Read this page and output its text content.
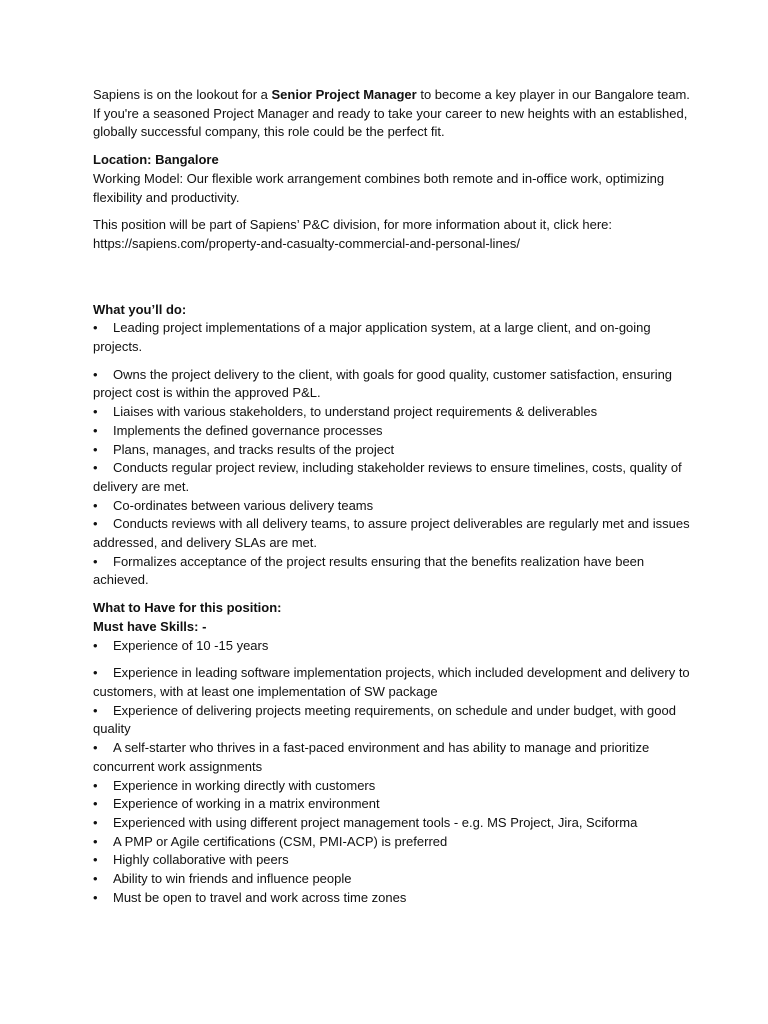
Sapiens is on the lookout for a Senior Project Manager to become a key player in our Bangalore team. If you're a seasoned Project Manager and ready to take your career to new heights with an established, globally successful company, this role could be the perfect fit.

Location: Bangalore

Working Model: Our flexible work arrangement combines both remote and in-office work, optimizing flexibility and productivity.

This position will be part of Sapiens’ P&C division, for more information about it, click here:
https://sapiens.com/property-and-casualty-commercial-and-personal-lines/

What you’ll do:

• Leading project implementations of a major application system, at a large client, and on-going projects.

• Owns the project delivery to the client, with goals for good quality, customer satisfaction, ensuring project cost is within the approved P&L.

• Liaises with various stakeholders, to understand project requirements & deliverables

• Implements the defined governance processes

• Plans, manages, and tracks results of the project

• Conducts regular project review, including stakeholder reviews to ensure timelines, costs, quality of delivery are met.

• Co-ordinates between various delivery teams

• Conducts reviews with all delivery teams, to assure project deliverables are regularly met and issues addressed, and delivery SLAs are met.

• Formalizes acceptance of the project results ensuring that the benefits realization have been achieved.

What to Have for this position:

Must have Skills: -

• Experience of 10 -15 years

• Experience in leading software implementation projects, which included development and delivery to customers, with at least one implementation of SW package

• Experience of delivering projects meeting requirements, on schedule and under budget, with good quality

• A self-starter who thrives in a fast-paced environment and has ability to manage and prioritize concurrent work assignments

• Experience in working directly with customers

• Experience of working in a matrix environment

• Experienced with using different project management tools - e.g. MS Project, Jira, Sciforma

• A PMP or Agile certifications (CSM, PMI-ACP) is preferred

• Highly collaborative with peers

• Ability to win friends and influence people

• Must be open to travel and work across time zones
